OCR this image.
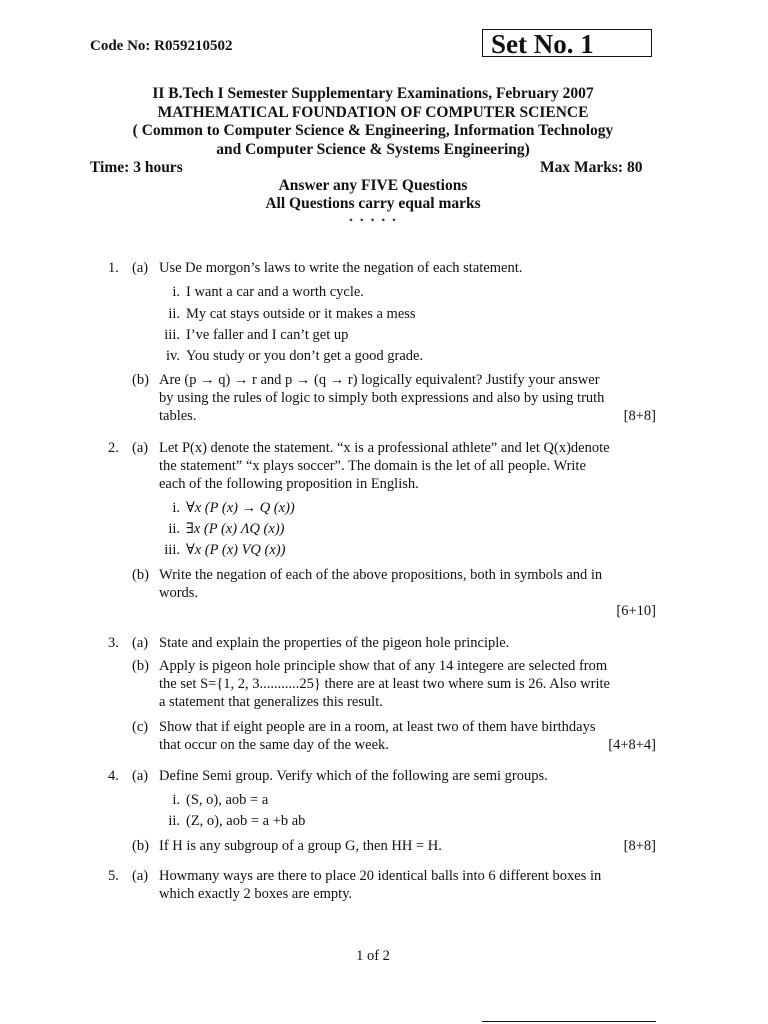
Code No: R059210502	Set No. 1
II B.Tech I Semester Supplementary Examinations, February 2007
MATHEMATICAL FOUNDATION OF COMPUTER SCIENCE
( Common to Computer Science & Engineering, Information Technology
and Computer Science & Systems Engineering)
Time: 3 hours	Max Marks: 80
Answer any FIVE Questions
All Questions carry equal marks
⋆ ⋆ ⋆ ⋆ ⋆
1. (a) Use De morgon’s laws to write the negation of each statement.
i. I want a car and a worth cycle.
ii. My cat stays outside or it makes a mess
iii. I’ve faller and I can’t get up
iv. You study or you don’t get a good grade.
(b) Are (p → q) → r and p → (q → r) logically equivalent? Justify your answer
by using the rules of logic to simply both expressions and also by using truth
tables.	[8+8]
2. (a) Let P(x) denote the statement. “x is a professional athlete” and let Q(x)denote
the statement” “x plays soccer”. The domain is the let of all people. Write
each of the following proposition in English.
i. ∀x (P (x) → Q (x))
ii. ∃x (P (x) ΛQ (x))
iii. ∀x (P (x) VQ (x))
(b) Write the negation of each of the above propositions, both in symbols and in
words.
[6+10]
3. (a) State and explain the properties of the pigeon hole principle.
(b) Apply is pigeon hole principle show that of any 14 integere are selected from
the set S={1, 2, 3...........25} there are at least two where sum is 26. Also write
a statement that generalizes this result.
(c) Show that if eight people are in a room, at least two of them have birthdays
that occur on the same day of the week.	[4+8+4]
4. (a) Define Semi group. Verify which of the following are semi groups.
i. (S, o), aob = a
ii. (Z, o), aob = a +b ab
(b) If H is any subgroup of a group G, then HH = H.	[8+8]
5. (a) Howmany ways are there to place 20 identical balls into 6 different boxes in
which exactly 2 boxes are empty.
1 of 2
